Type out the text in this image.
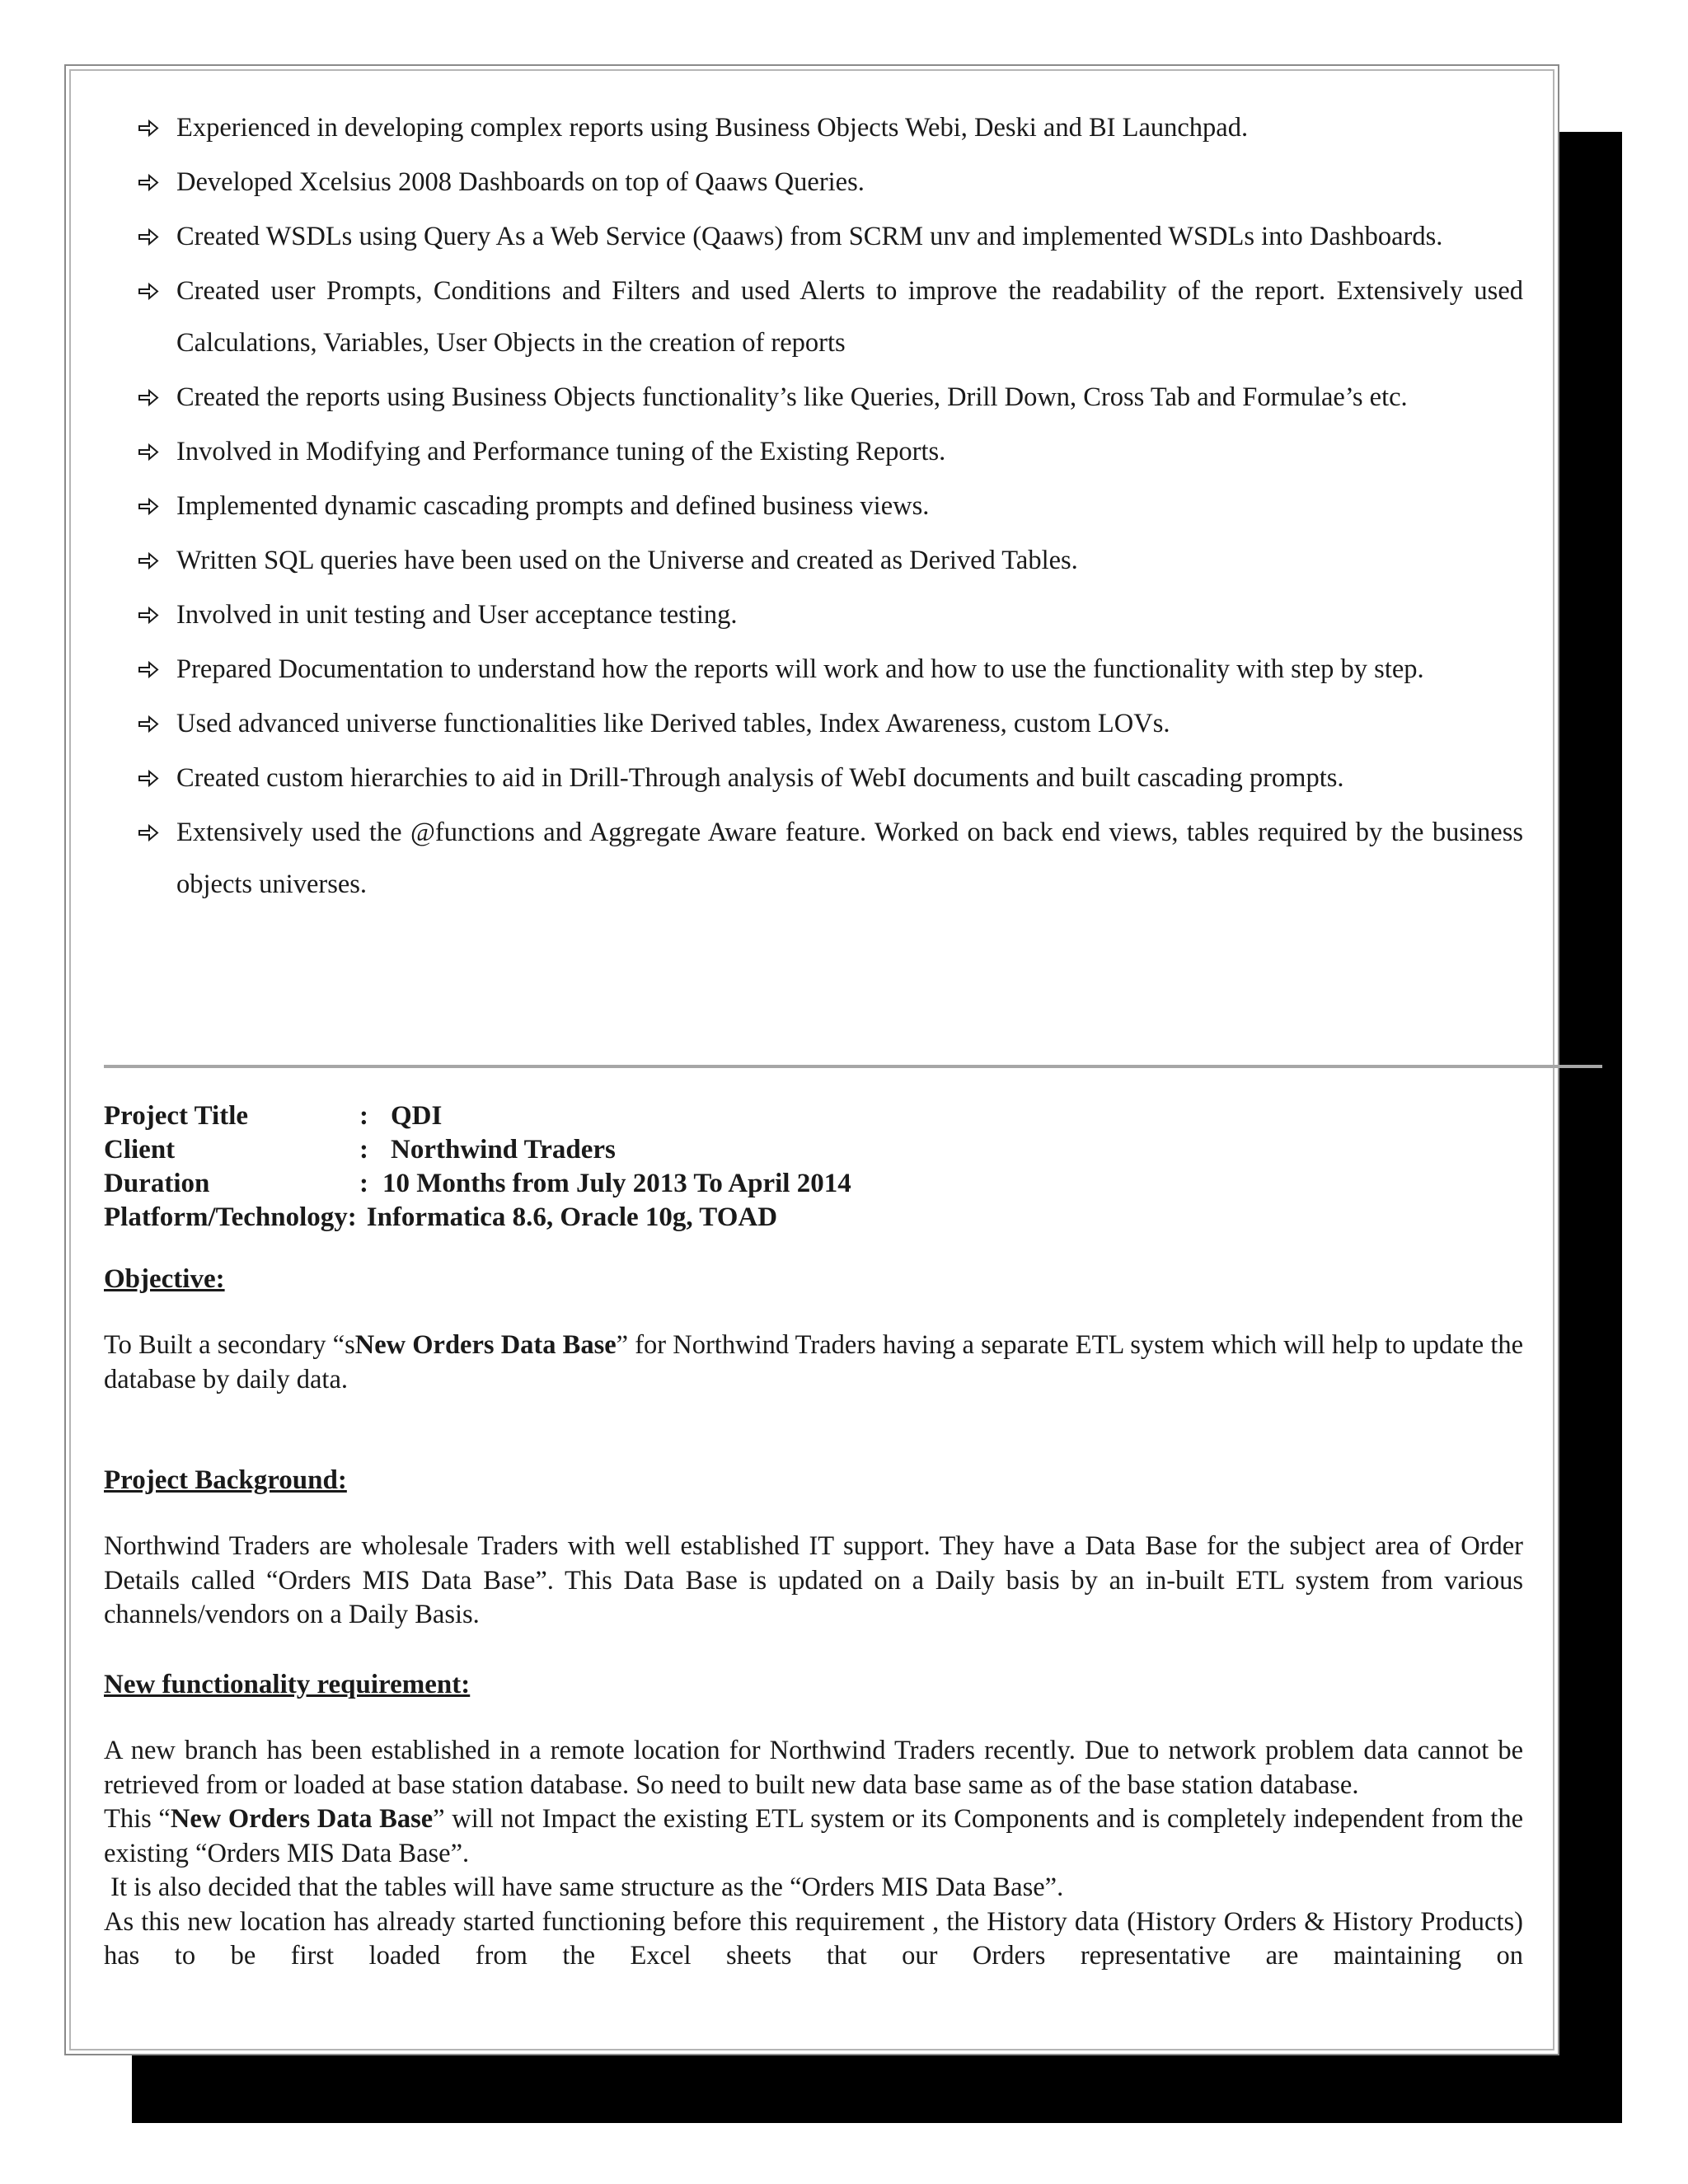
Experienced in developing complex reports using Business Objects Webi, Deski and BI Launchpad.
Developed Xcelsius 2008 Dashboards on top of Qaaws Queries.
Created WSDLs using Query As a Web Service (Qaaws) from SCRM unv and implemented WSDLs into Dashboards.
Created user Prompts, Conditions and Filters and used Alerts to improve the readability of the report. Extensively used Calculations, Variables, User Objects in the creation of reports
Created the reports using Business Objects functionality’s like Queries, Drill Down, Cross Tab and Formulae’s etc.
Involved in Modifying and Performance tuning of the Existing Reports.
Implemented dynamic cascading prompts and defined business views.
Written SQL queries have been used on the Universe and created as Derived Tables.
Involved in unit testing and User acceptance testing.
Prepared Documentation to understand how the reports will work and how to use the functionality with step by step.
Used advanced universe functionalities like Derived tables, Index Awareness, custom LOVs.
Created custom hierarchies to aid in Drill-Through analysis of WebI documents and built cascading prompts.
Extensively used the @functions and Aggregate Aware feature. Worked on back end views, tables required by the business objects universes.
Project Title	: QDI
Client	: Northwind Traders
Duration	: 10 Months from July 2013 To April 2014
Platform/Technology: Informatica 8.6, Oracle 10g, TOAD
Objective:

To Built a secondary “sNew Orders Data Base” for Northwind Traders having a separate ETL system which will help to update the database by daily data.

Project Background:

Northwind Traders are wholesale Traders with well established IT support. They have a Data Base for the subject area of Order Details called “Orders MIS Data Base”. This Data Base is updated on a Daily basis by an in-built ETL system from various channels/vendors on a Daily Basis.

New functionality requirement:

A new branch has been established in a remote location for Northwind Traders recently. Due to network problem data cannot be retrieved from or loaded at base station database. So need to built new data base same as of the base station database.

This “New Orders Data Base” will not Impact the existing ETL system or its Components and is completely independent from the existing “Orders MIS Data Base”.

It is also decided that the tables will have same structure as the “Orders MIS Data Base”.

As this new location has already started functioning before this requirement , the History data (History Orders & History Products) has to be first loaded from the Excel sheets that our Orders representative are maintaining on
